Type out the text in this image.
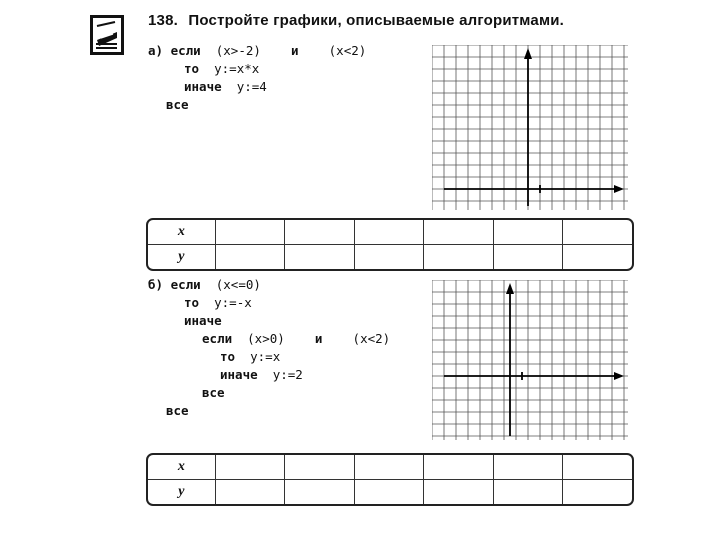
138. Постройте графики, описываемые алгоритмами.
а) если  (x>-2)    и    (x<2)
то  y:=x*x
иначе  y:=4
все
x						
y						
б) если  (x<=0)
то  y:=-x
иначе
если  (x>0)    и    (x<2)
то  y:=x
иначе  y:=2
все
все
x						
y						
